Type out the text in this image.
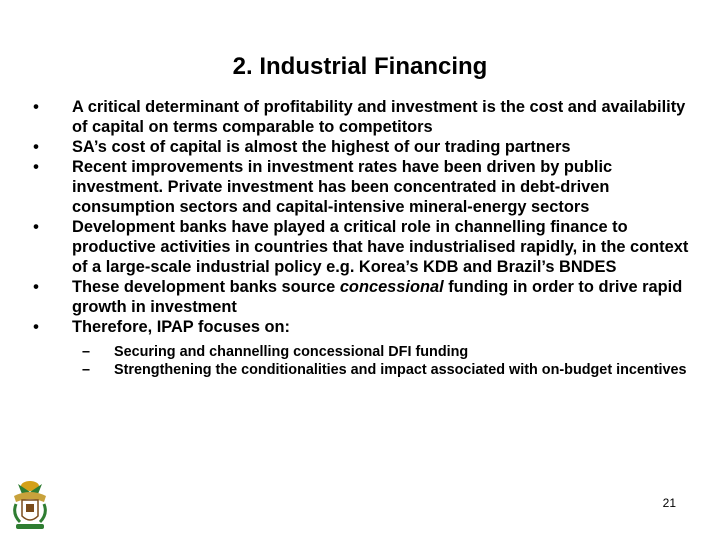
2. Industrial Financing
• A critical determinant of profitability and investment is the cost and availability of capital on terms comparable to competitors
• SA’s cost of capital is almost the highest of our trading partners
• Recent improvements in investment rates have been driven by public investment. Private investment has been concentrated in debt-driven consumption sectors and capital-intensive mineral-energy sectors
• Development banks have played a critical role in channelling finance to productive activities in countries that have industrialised rapidly, in the context of a large-scale industrial policy e.g. Korea’s KDB and Brazil’s BNDES
• These development banks source concessional funding in order to drive rapid growth in investment
• Therefore, IPAP focuses on:
– Securing and channelling concessional DFI funding
– Strengthening the conditionalities and impact associated with on-budget incentives
21
